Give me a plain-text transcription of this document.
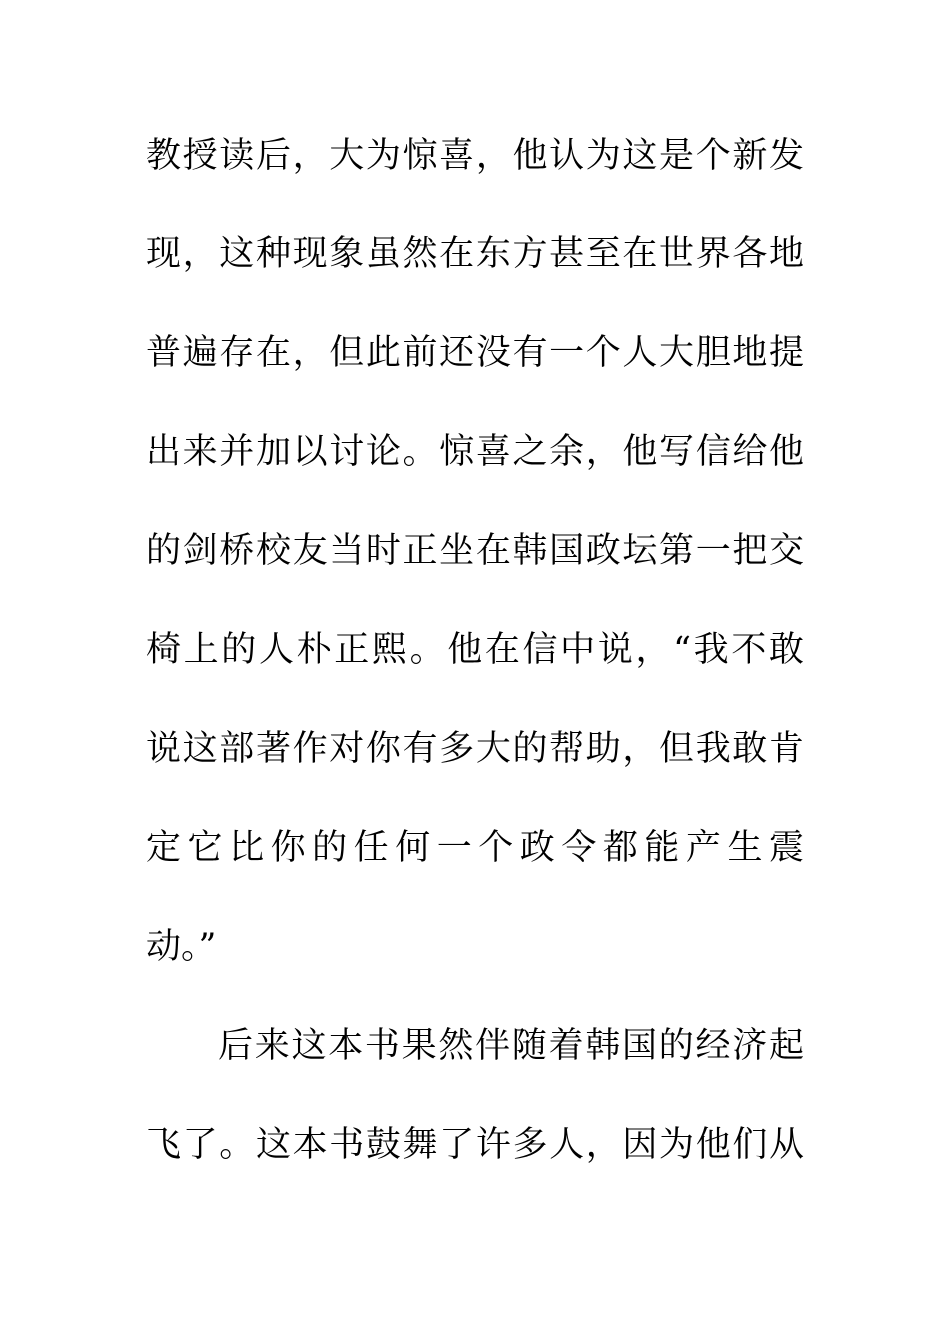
教授读后，大为惊喜，他认为这是个新发
现，这种现象虽然在东方甚至在世界各地
普遍存在，但此前还没有一个人大胆地提
出来并加以讨论。惊喜之余，他写信给他
的剑桥校友当时正坐在韩国政坛第一把交
椅上的人朴正熙。他在信中说，“我不敢
说这部著作对你有多大的帮助，但我敢肯
定它比你的任何一个政令都能产生震
动。”
后来这本书果然伴随着韩国的经济起
飞了。这本书鼓舞了许多人，因为他们从
